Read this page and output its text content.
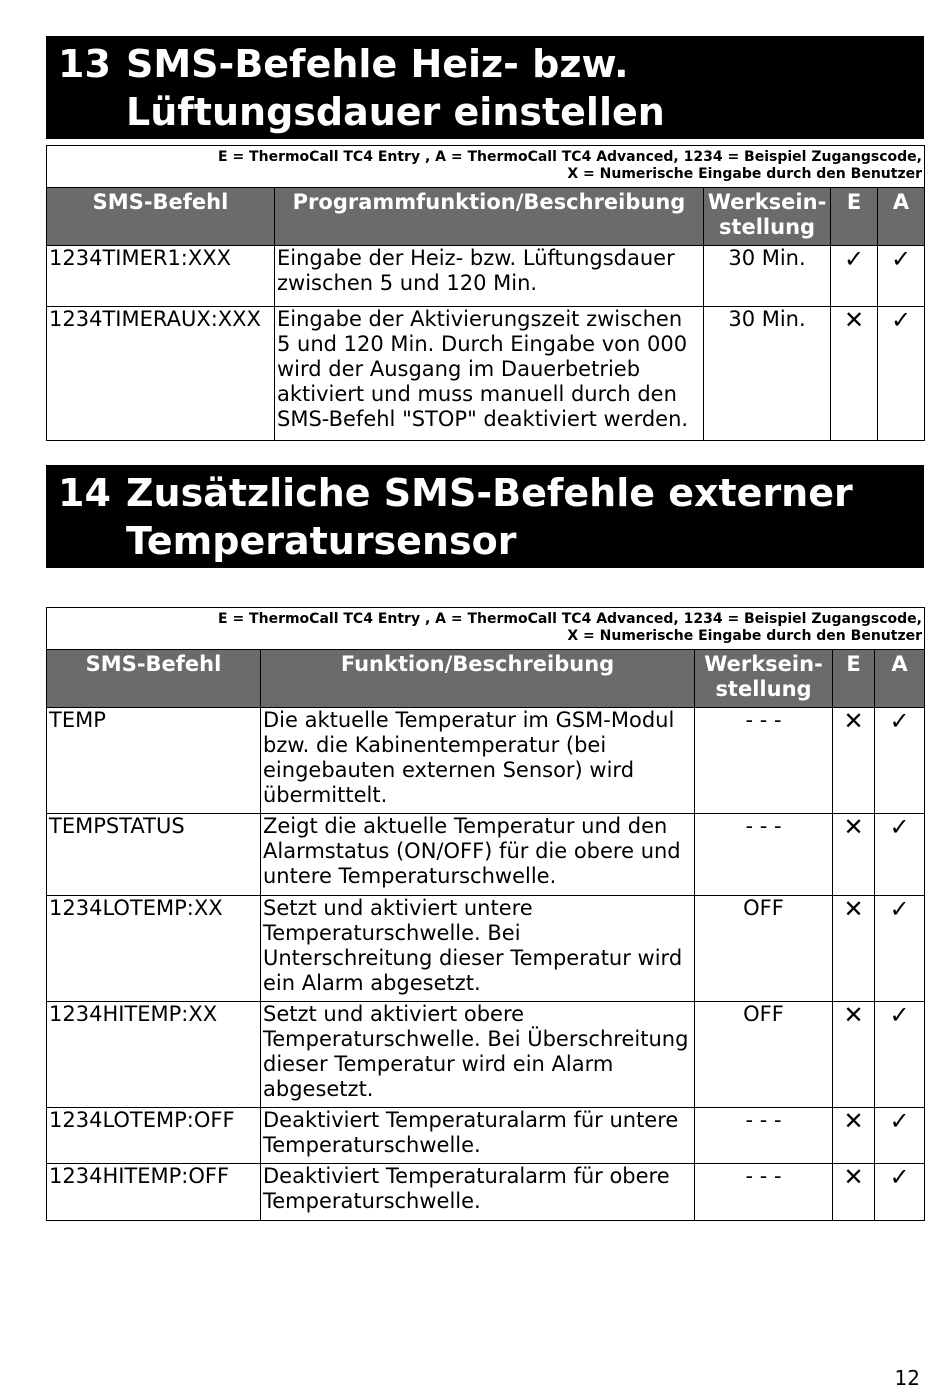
13 SMS-Befehle Heiz- bzw. Lüftungsdauer einstellen
E = ThermoCall TC4 Entry , A = ThermoCall TC4 Advanced, 1234 = Beispiel Zugangscode,
X = Numerische Eingabe durch den Benutzer				

SMS-Befehl	Programmfunktion/Beschreibung	Werksein-stellung	E	A
1234TIMER1:XXX	Eingabe der Heiz- bzw. Lüftungsdauer zwischen 5 und 120 Min.	30 Min.	✓	✓
1234TIMERAUX:XXX	Eingabe der Aktivierungszeit zwischen 5 und 120 Min. Durch Eingabe von 000 wird der Ausgang im Dauerbetrieb aktiviert und muss manuell durch den SMS-Befehl "STOP" deaktiviert werden.	30 Min.	✕	✓
14 Zusätzliche SMS-Befehle externer Temperatursensor
E = ThermoCall TC4 Entry , A = ThermoCall TC4 Advanced, 1234 = Beispiel Zugangscode,
X = Numerische Eingabe durch den Benutzer				

SMS-Befehl	Funktion/Beschreibung	Werksein-stellung	E	A
TEMP	Die aktuelle Temperatur im GSM-Modul bzw. die Kabinentemperatur (bei eingebauten externen Sensor) wird übermittelt.	- - -	✕	✓
TEMPSTATUS	Zeigt die aktuelle Temperatur und den Alarmstatus (ON/OFF) für die obere und untere Temperaturschwelle.	- - -	✕	✓
1234LOTEMP:XX	Setzt und aktiviert untere Temperaturschwelle. Bei Unterschreitung dieser Temperatur wird ein Alarm abgesetzt.	OFF	✕	✓
1234HITEMP:XX	Setzt und aktiviert obere Temperaturschwelle. Bei Überschreitung dieser Temperatur wird ein Alarm abgesetzt.	OFF	✕	✓
1234LOTEMP:OFF	Deaktiviert Temperaturalarm für untere Temperaturschwelle.	- - -	✕	✓
1234HITEMP:OFF	Deaktiviert Temperaturalarm für obere Temperaturschwelle.	- - -	✕	✓
12
